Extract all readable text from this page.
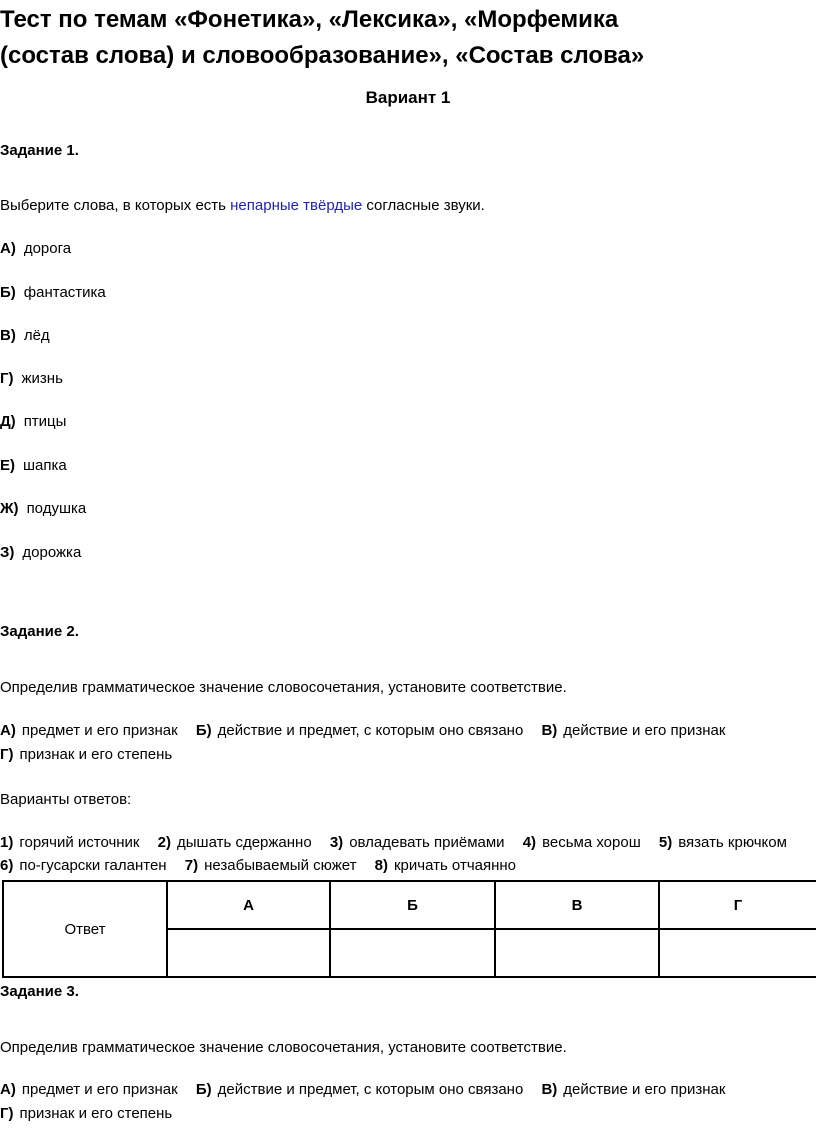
Тест по темам «Фонетика», «Лексика», «Морфемика
(состав слова) и словообразование», «Состав слова»
Вариант 1
Задание 1.
Выберите слова, в которых есть непарные твёрдые согласные звуки.
А) дорога
Б) фантастика
В) лёд
Г) жизнь
Д) птицы
Е) шапка
Ж) подушка
З) дорожка
Задание 2.
Определив грамматическое значение словосочетания, установите соответствие.
А) предмет и его признак Б) действие и предмет, с которым оно связано В) действие и его признак
Г) признак и его степень
Варианты ответов:
1) горячий источник 2) дышать сдержанно 3) овладевать приёмами 4) весьма хорош 5) вязать крючком
6) по-гусарски галантен 7) незабываемый сюжет 8) кричать отчаянно
Ответ	А	Б	В	Г

Задание 3.
Определив грамматическое значение словосочетания, установите соответствие.
А) предмет и его признак Б) действие и предмет, с которым оно связано В) действие и его признак
Г) признак и его степень
